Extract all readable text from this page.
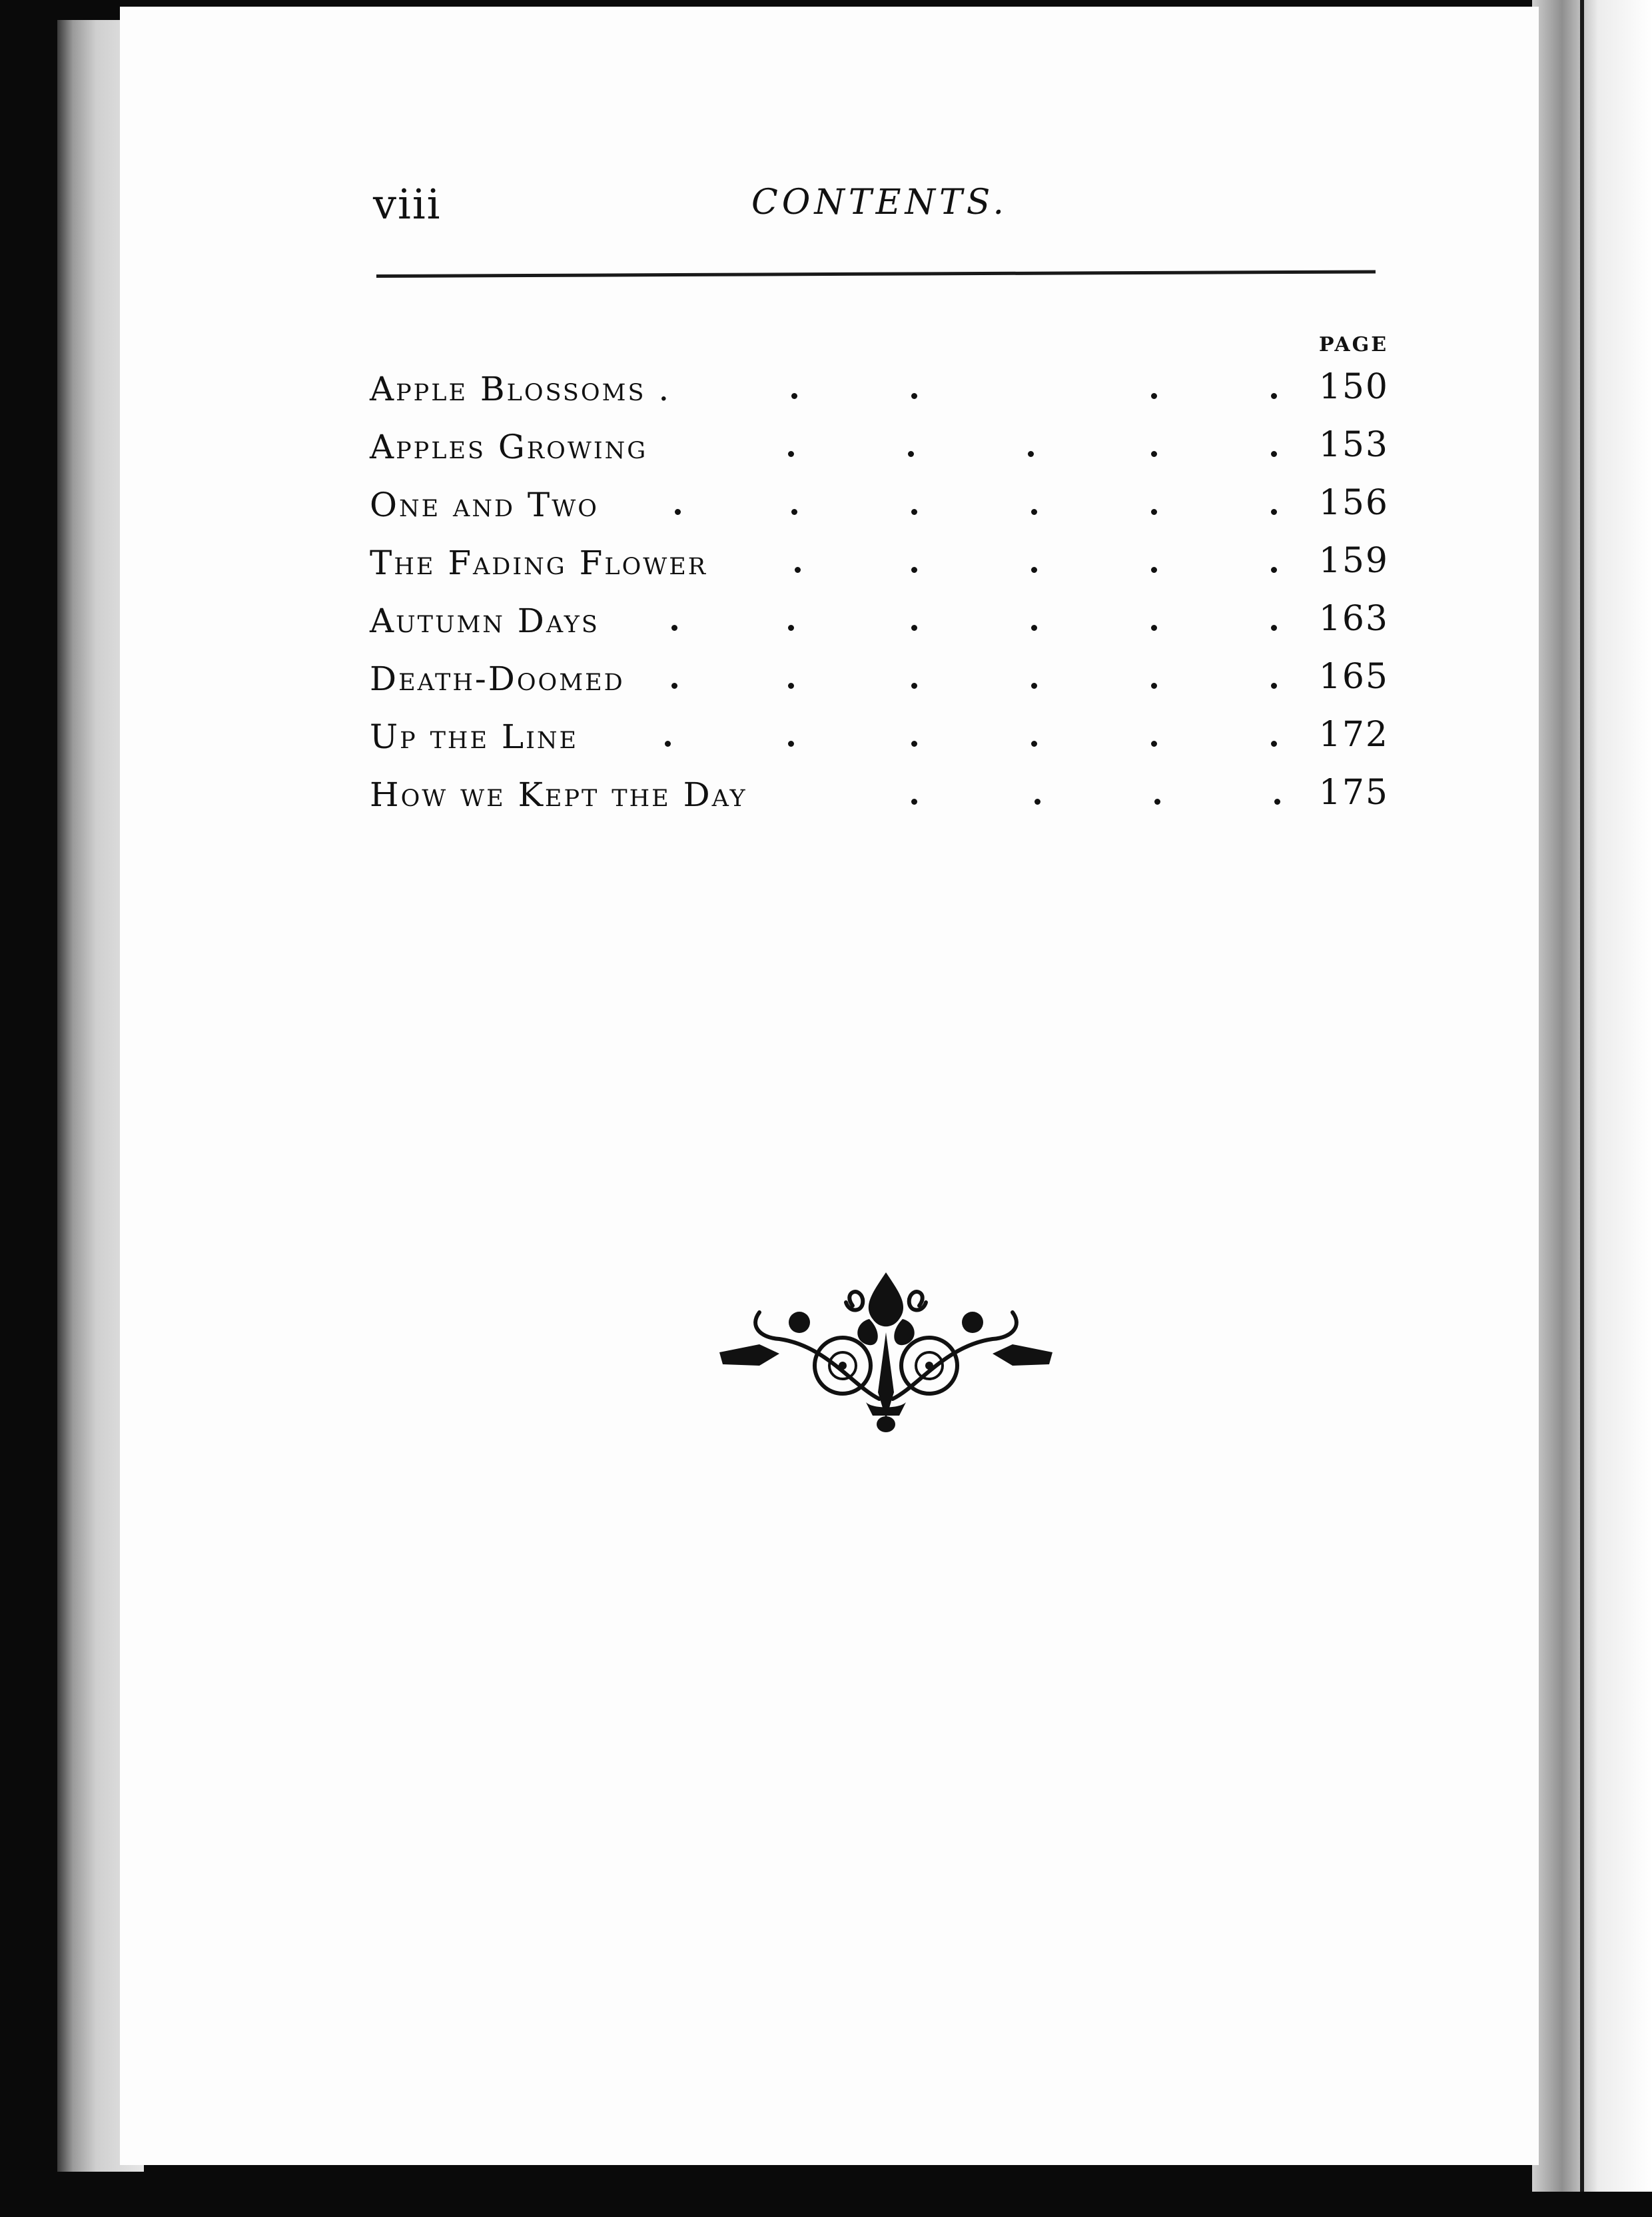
viii	CONTENTS.
PAGE
Apple Blossoms .	150
Apples Growing	153
One and Two	156
The Fading Flower	159
Autumn Days	163
Death-Doomed	165
Up the Line	172
How we Kept the Day	175
